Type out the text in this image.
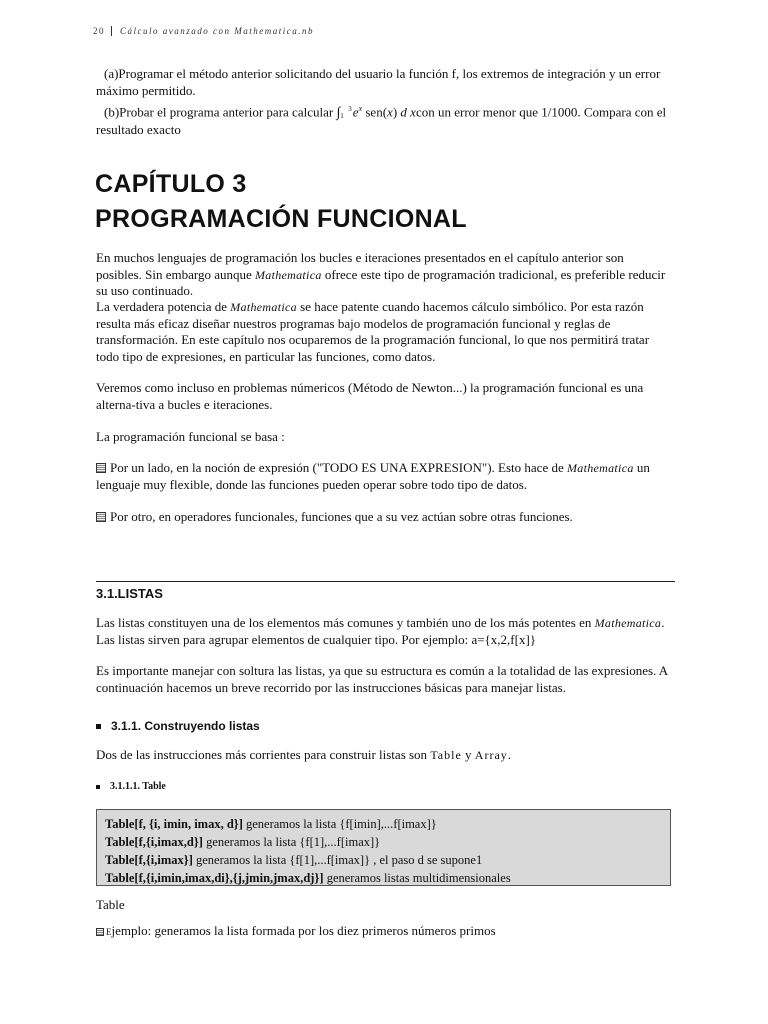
20	Cálculo avanzado con Mathematica.nb
(a)Programar el método anterior solicitando del usuario la función f, los extremos de integración y un error máximo permitido.
(b)Probar el programa anterior para calcular ∫ 3
1 $e^x$ sen(x) d xcon un error menor que 1/1000. Compara con el resultado exacto
CAPÍTULO 3
PROGRAMACIÓN FUNCIONAL
En muchos lenguajes de programación los bucles e iteraciones presentados en el capítulo anterior son posibles. Sin embargo aunque Mathematica ofrece este tipo de programación tradicional, es preferible reducir su uso continuado.
La verdadera potencia de Mathematica se hace patente cuando hacemos cálculo simbólico. Por esta razón resulta más eficaz diseñar nuestros programas bajo modelos de programación funcional y reglas de transformación. En este capítulo nos ocuparemos de la programación funcional, lo que nos permitirá tratar todo tipo de expresiones, en particular las funciones, como datos.
Veremos como incluso en problemas númericos (Método de Newton...) la programación funcional es una alterna-tiva a bucles e iteraciones.
La programación funcional se basa :
Por un lado, en la noción de expresión ("TODO ES UNA EXPRESION"). Esto hace de Mathematica un lenguaje muy flexible, donde las funciones pueden operar sobre todo tipo de datos.
Por otro, en operadores funcionales, funciones que a su vez actúan sobre otras funciones.
3.1.LISTAS
Las listas constituyen una de los elementos más comunes y también uno de los más potentes en Mathematica. Las listas sirven para agrupar elementos de cualquier tipo. Por ejemplo: a={x,2,f[x]}
Es importante manejar con soltura las listas, ya que su estructura es común a la totalidad de las expresiones. A continuación hacemos un breve recorrido por las instrucciones básicas para manejar listas.
3.1.1. Construyendo listas
Dos de las instrucciones más corrientes para construir listas son Table y Array.
3.1.1.1. Table
Table[f, {i, imin, imax, d}] generamos la lista {f[imin],...f[imax]}
Table[f,{i,imax,d}] generamos la lista {f[1],...f[imax]}
Table[f,{i,imax}] generamos la lista {f[1],...f[imax]} , el paso d se supone1
Table[f,{i,imin,imax,di},{j,jmin,jmax,dj}] generamos listas multidimensionales
Table
Ejemplo: generamos la lista formada por los diez primeros números primos
